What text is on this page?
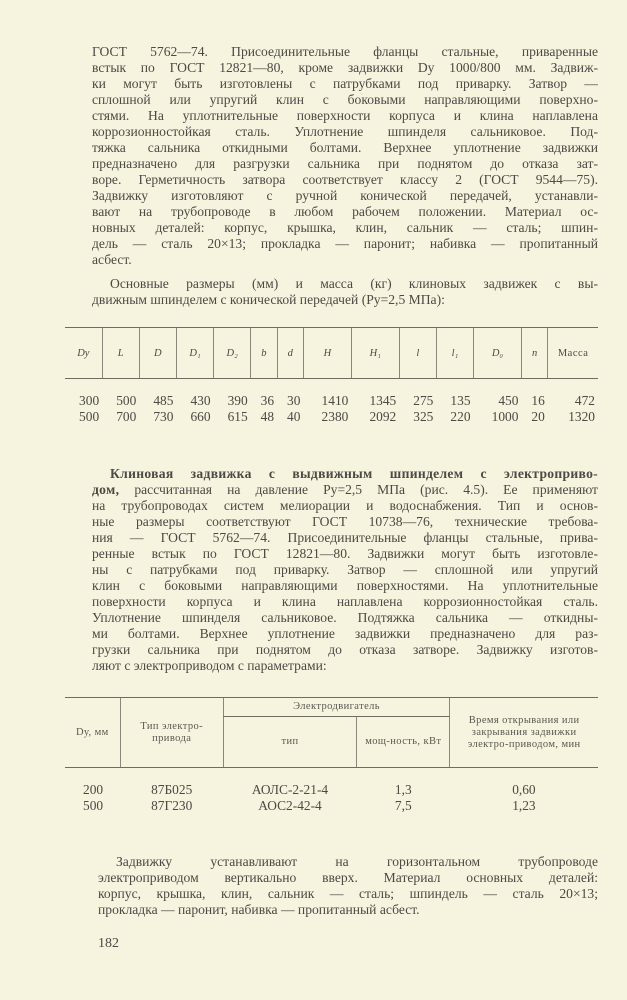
ГОСТ 5762—74. Присоединительные фланцы стальные, приваренные
встык по ГОСТ 12821—80, кроме задвижки Dу 1000/800 мм. Задвиж-
ки могут быть изготовлены с патрубками под приварку. Затвор —
сплошной или упругий клин с боковыми направляющими поверхно-
стями. На уплотнительные поверхности корпуса и клина наплавлена
коррозионностойкая сталь. Уплотнение шпинделя сальниковое. Под-
тяжка сальника откидными болтами. Верхнее уплотнение задвижки
предназначено для разгрузки сальника при поднятом до отказа зат-
воре. Герметичность затвора соответствует классу 2 (ГОСТ 9544—75).
Задвижку изготовляют с ручной конической передачей, устанавли-
вают на трубопроводе в любом рабочем положении. Материал ос-
новных деталей: корпус, крышка, клин, сальник — сталь; шпин-
дель — сталь 20×13; прокладка — паронит; набивка — пропитанный
асбест.
Основные размеры (мм) и масса (кг) клиновых задвижек с вы-
движным шпинделем с конической передачей (Pу=2,5 МПа):
Dу	L	D	D₁	D₂	b	d	H	H₁	l	l₁	D₀	n	Масса
300	500	485	430	390	36	30	1410	1345	275	135	450	16	472
500	700	730	660	615	48	40	2380	2092	325	220	1000	20	1320
Клиновая задвижка с выдвижным шпинделем с электроприво-
дом, рассчитанная на давление Pу=2,5 МПа (рис. 4.5). Ее применяют
на трубопроводах систем мелиорации и водоснабжения. Тип и основ-
ные размеры соответствуют ГОСТ 10738—76, технические требова-
ния — ГОСТ 5762—74. Присоединительные фланцы стальные, прива-
ренные встык по ГОСТ 12821—80. Задвижки могут быть изготовле-
ны с патрубками под приварку. Затвор — сплошной или упругий
клин с боковыми направляющими поверхностями. На уплотнительные
поверхности корпуса и клина наплавлена коррозионностойкая сталь.
Уплотнение шпинделя сальниковое. Подтяжка сальника — откидны-
ми болтами. Верхнее уплотнение задвижки предназначено для раз-
грузки сальника при поднятом до отказа затворе. Задвижку изготов-
ляют с электроприводом с параметрами:
Dу, мм	Тип электро-привода	Электродвигатель		Время открывания или закрывания задвижки электро-приводом, мин
		тип	мощ-ность, кВт	
200	87Б025	АОЛС-2-21-4	1,3	0,60
500	87Г230	АОС2-42-4	7,5	1,23
Задвижку устанавливают на горизонтальном трубопроводе
электроприводом вертикально вверх. Материал основных деталей:
корпус, крышка, клин, сальник — сталь; шпиндель — сталь 20×13;
прокладка — паронит, набивка — пропитанный асбест.
182
